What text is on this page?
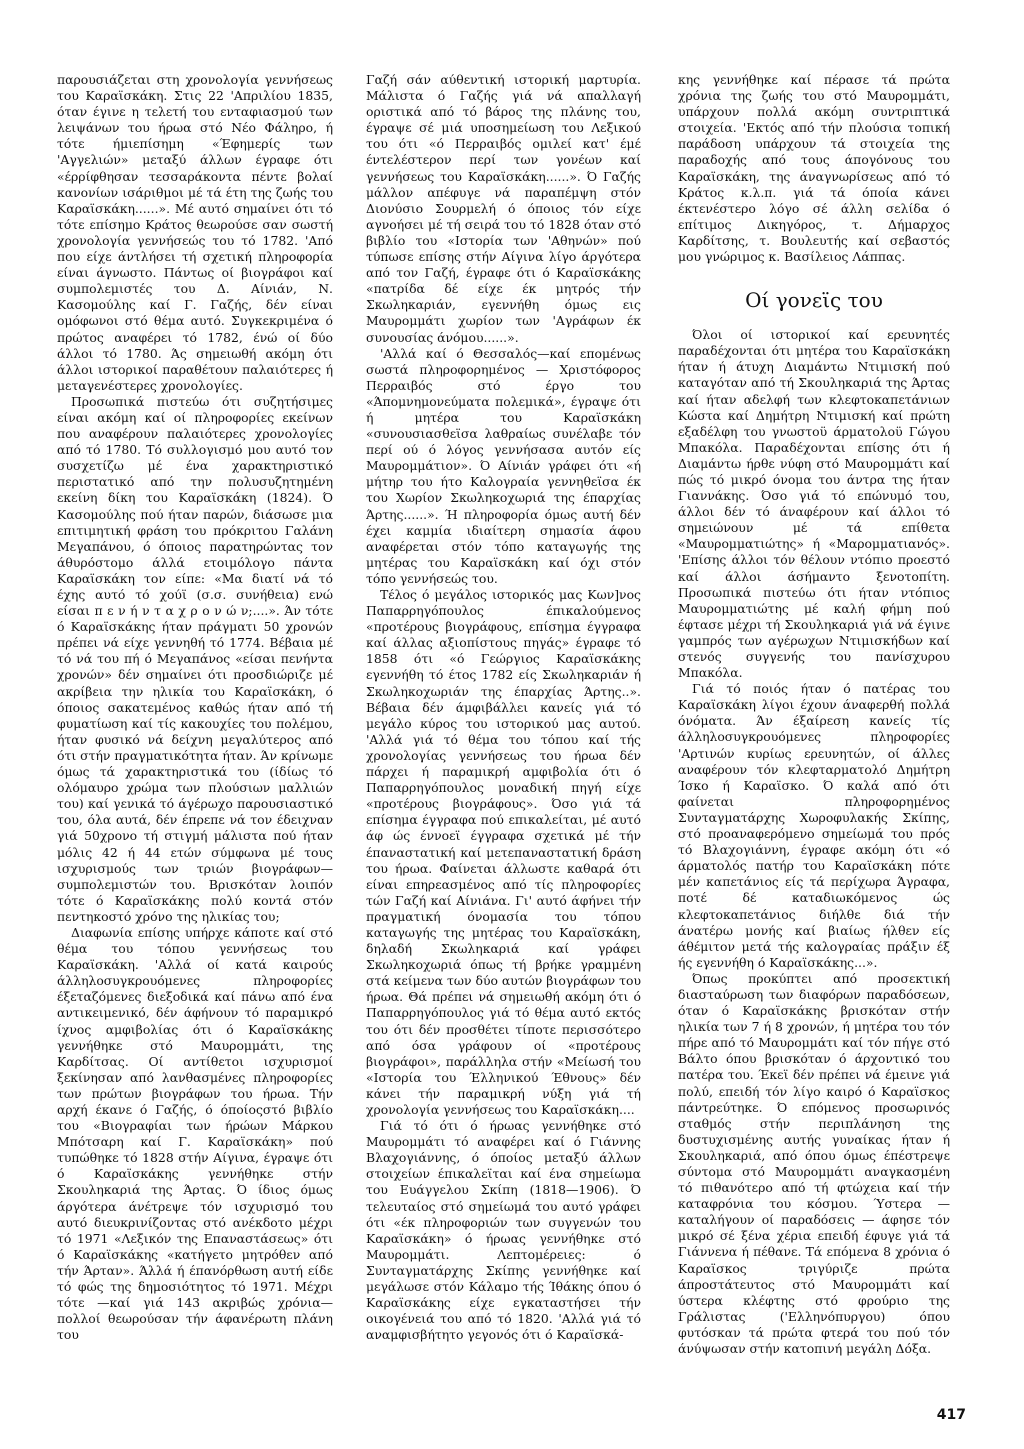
παρουσιάζεται στη χρονολογία γεννήσεως του Καραϊσκάκη. Στις 22 'Απριλίου 1835, όταν έγινε η τελετή του ενταφιασμού των λειψάνων του ήρωα στό Νέο Φάληρο, ή τότε ήμιεπίσημη «Έφημερίς των 'Αγγελιών» μεταξύ άλλων έγραφε ότι «έρρίφθησαν τεσσαράκοντα πέντε βολαί κανονίων ισάριθμοι μέ τά έτη της ζωής του Καραϊσκάκη......». Μέ αυτό σημαίνει ότι τό τότε επίσημο Κράτος θεωρούσε σαν σωστή χρονολογία γεννήσεώς του τό 1782. 'Από που είχε άντλήσει τή σχετική πληροφορία είναι άγνωστο. Πάντως οί βιογράφοι καί συμπολεμιστές του Δ. Αίνιάν, Ν. Κασομούλης καί Γ. Γαζής, δέν είναι ομόφωνοι στό θέμα αυτό. Συγκεκριμένα ό πρώτος αναφέρει τό 1782, ένώ οί δύο άλλοι τό 1780. Άς σημειωθή ακόμη ότι άλλοι ιστορικοί παραθέτουν παλαιότερες ή μεταγενέστερες χρονολογίες.

Προσωπικά πιστεύω ότι συζητήσιμες είναι ακόμη καί οί πληροφορίες εκείνων που αναφέρουν παλαιότερες χρονολογίες από τό 1780. Τό συλλογισμό μου αυτό τον συσχετίζω μέ ένα χαρακτηριστικό περιστατικό από την πολυσυζητημένη εκείνη δίκη του Καραϊσκάκη (1824). Ό Κασομούλης πού ήταν παρών, διάσωσε μια επιτιμητική φράση του πρόκριτου Γαλάνη Μεγαπάνου, ό όποιος παρατηρώντας τον άθυρόστομο άλλά ετοιμόλογο πάντα Καραϊσκάκη τον είπε: «Μα διατί νά τό έχης αυτό τό χούϊ (σ.σ. συνήθεια) ενώ είσαι π ε ν ή ν τ α χ ρ ο ν ώ ν;....». Άν τότε ό Καραϊσκάκης ήταν πράγματι 50 χρονών πρέπει νά είχε γεννηθή τό 1774. Βέβαια μέ τό νά του πή ό Μεγαπάνος «είσαι πενήντα χρονών» δέν σημαίνει ότι προσδιώριζε μέ ακρίβεια την ηλικία του Καραϊσκάκη, ό όποιος σακατεμένος καθώς ήταν από τή φυματίωση καί τίς κακουχίες του πολέμου, ήταν φυσικό νά δείχνη μεγαλύτερος από ότι στήν πραγματικότητα ήταν. Άν κρίνωμε όμως τά χαρακτηριστικά του (ίδίως τό ολόμαυρο χρώμα των πλούσιων μαλλιών του) καί γενικά τό άγέρωχο παρουσιαστικό του, όλα αυτά, δέν έπρεπε νά τον έδειχναν γιά 50χρονο τή στιγμή μάλιστα πού ήταν μόλις 42 ή 44 ετών σύμφωνα μέ τους ισχυρισμούς των τριών βιογράφων—συμπολεμιστών του. Βρισκόταν λοιπόν τότε ό Καραϊσκάκης πολύ κοντά στόν πεντηκοστό χρόνο της ηλικίας του;

Διαφωνία επίσης υπήρχε κάποτε καί στό θέμα του τόπου γεννήσεως του Καραϊσκάκη. 'Αλλά οί κατά καιρούς άλληλοσυγκρουόμενες πληροφορίες έξεταζόμενες διεξοδικά καί πάνω από ένα αντικειμενικό, δέν άφήνουν τό παραμικρό ίχνος αμφιβολίας ότι ό Καραϊσκάκης γεννήθηκε στό Μαυρομμάτι, της Καρδίτσας. Οί αντίθετοι ισχυρισμοί ξεκίνησαν από λανθασμένες πληροφορίες των πρώτων βιογράφων του ήρωα. Τήν αρχή έκανε ό Γαζής, ό όποίοςστό βιβλίο του «Βιογραφίαι των ήρώων Μάρκου Μπότσαρη καί Γ. Καραϊσκάκη» πού τυπώθηκε τό 1828 στήν Αίγινα, έγραψε ότι ό Καραϊσκάκης γεννήθηκε στήν Σκουληκαριά της Άρτας. Ό ίδιος όμως άργότερα άνέτρεψε τόν ισχυρισμό του αυτό διευκρινίζοντας στό ανέκδοτο μέχρι τό 1971 «Λεξικόν της Επαναστάσεως» ότι ό Καραϊσκάκης «κατήγετο μητρόθεν από τήν Άρταν». Άλλά ή έπανόρθωση αυτή είδε τό φώς της δημοσιότητος τό 1971. Μέχρι τότε —καί γιά 143 ακριβώς χρόνια—πολλοί θεωρούσαν τήν άφανέρωτη πλάνη του

Γαζή σάν αύθεντική ιστορική μαρτυρία. Μάλιστα ό Γαζής γιά νά απαλλαγή οριστικά από τό βάρος της πλάνης του, έγραψε σέ μιά υποσημείωση του Λεξικού του ότι «ό Περραιβός ομιλεί κατ' έμέ έντελέστερον περί των γονέων καί γεννήσεως του Καραϊσκάκη......». Ό Γαζής μάλλον απέφυγε νά παραπέμψη στόν Διονύσιο Σουρμελή ό όποιος τόν είχε αγνοήσει μέ τή σειρά του τό 1828 όταν στό βιβλίο του «Ιστορία των 'Αθηνών» πού τύπωσε επίσης στήν Αίγινα λίγο άργότερα από τον Γαζή, έγραφε ότι ό Καραϊσκάκης «πατρίδα δέ είχε έκ μητρός τήν Σκωληκαριάν, εγεννήθη όμως εις Μαυρομμάτι χωρίον των 'Αγράφων έκ συνουσίας άνόμου......».

'Αλλά καί ό Θεσσαλός—καί επομένως σωστά πληροφορημένος — Χριστόφορος Περραιβός στό έργο του «Άπομνημονεύματα πολεμικά», έγραψε ότι ή μητέρα του Καραϊσκάκη «συνουσιασθεϊσα λαθραίως συνέλαβε τόν περί ού ό λόγος γεννήσασα αυτόν είς Μαυρομμάτιον». Ό Αίνιάν γράφει ότι «ή μήτηρ του ήτο Καλογραία γεννηθεϊσα έκ του Χωρίον Σκωληκοχωριά της έπαρχίας Άρτης......». Ή πληροφορία όμως αυτή δέν έχει καμμία ιδιαίτερη σημασία άφου αναφέρεται στόν τόπο καταγωγής της μητέρας του Καραϊσκάκη καί όχι στόν τόπο γεννήσεώς του.

Τέλος ό μεγάλος ιστορικός μας Κων]νος Παπαρρηγόπουλος έπικαλούμενος «προτέρους βιογράφους, επίσημα έγγραφα καί άλλας αξιοπίστους πηγάς» έγραφε τό 1858 ότι «ό Γεώργιος Καραϊσκάκης εγεννήθη τό έτος 1782 είς Σκωληκαριάν ή Σκωληκοχωριάν της έπαρχίας Άρτης..». Βέβαια δέν άμφιβάλλει κανείς γιά τό μεγάλο κύρος του ιστορικού μας αυτού. 'Αλλά γιά τό θέμα του τόπου καί τής χρονολογίας γεννήσεως του ήρωα δέν πάρχει ή παραμικρή αμφιβολία ότι ό Παπαρρηγόπουλος μοναδική πηγή είχε «προτέρους βιογράφους». Όσο γιά τά επίσημα έγγραφα πού επικαλείται, μέ αυτό άφ ώς έννοεϊ έγγραφα σχετικά μέ τήν έπαναστατική καί μετεπαναστατική δράση του ήρωα. Φαίνεται άλλωστε καθαρά ότι είναι επηρεασμένος από τίς πληροφορίες τών Γαζή καί Αίνιάνα. Γι' αυτό άφήνει τήν πραγματική όνομασία του τόπου καταγωγής της μητέρας του Καραϊσκάκη, δηλαδή Σκωληκαριά καί γράφει Σκωληκοχωριά όπως τή βρήκε γραμμένη στά κείμενα των δύο αυτών βιογράφων του ήρωα. Θά πρέπει νά σημειωθή ακόμη ότι ό Παπαρρηγόπουλος γιά τό θέμα αυτό εκτός του ότι δέν προσθέτει τίποτε περισσότερο από όσα γράφουν οί «προτέρους βιογράφοι», παράλληλα στήν «Μείωσή του «Ιστορία του Έλληνικού Έθνους» δέν κάνει τήν παραμικρή νύξη γιά τή χρονολογία γεννήσεως του Καραϊσκάκη....

Γιά τό ότι ό ήρωας γεννήθηκε στό Μαυρομμάτι τό αναφέρει καί ό Γιάννης Βλαχογιάννης, ό όποίος μεταξύ άλλων στοιχείων έπικαλεϊται καί ένα σημείωμα του Ευάγγελου Σκίπη (1818—1906). Ό τελευταίος στό σημείωμά του αυτό γράφει ότι «έκ πληροφοριών των συγγενών του Καραϊσκάκη» ό ήρωας γεννήθηκε στό Μαυρομμάτι. Λεπτομέρειες: ό Συνταγματάρχης Σκίπης γεννήθηκε καί μεγάλωσε στόν Κάλαμο τής Ίθάκης όπου ό Καραϊσκάκης είχε εγκαταστήσει τήν οικογένειά του από τό 1820. 'Αλλά γιά τό αναμφισβήτητο γεγονός ότι ό Καραϊσκά-

κης γεννήθηκε καί πέρασε τά πρώτα χρόνια της ζωής του στό Μαυρομμάτι, υπάρχουν πολλά ακόμη συντριπτικά στοιχεία. 'Εκτός από τήν πλούσια τοπική παράδοση υπάρχουν τά στοιχεία της παραδοχής από τους άπογόνους του Καραϊσκάκη, της άναγνωρίσεως από τό Κράτος κ.λ.π. γιά τά όποία κάνει έκτενέστερο λόγο σέ άλλη σελίδα ό επίτιμος Δικηγόρος, τ. Δήμαρχος Καρδίτσης, τ. Βουλευτής καί σεβαστός μου γνώριμος κ. Βασίλειος Λάππας.

Οί γονεϊς του

Όλοι οί ιστορικοί καί ερευνητές παραδέχονται ότι μητέρα του Καραϊσκάκη ήταν ή άτυχη Διαμάντω Ντιμισκή πού καταγόταν από τή Σκουληκαριά της Άρτας καί ήταν αδελφή των κλεφτοκαπετάνιων Κώστα καί Δημήτρη Ντιμισκή καί πρώτη εξαδέλφη του γνωστοϋ άρματολοϋ Γώγου Μπακόλα. Παραδέχονται επίσης ότι ή Διαμάντω ήρθε νύφη στό Μαυρομμάτι καί πώς τό μικρό όνομα του άντρα της ήταν Γιαννάκης. Όσο γιά τό επώνυμό του, άλλοι δέν τό άναφέρουν καί άλλοι τό σημειώνουν μέ τά επίθετα «Μαυρομματιώτης» ή «Μαρομματιανός». 'Επίσης άλλοι τόν θέλουν ντόπιο προεστό καί άλλοι άσήμαντο ξενοτοπίτη. Προσωπικά πιστεύω ότι ήταν ντόπιος Μαυρομματιώτης μέ καλή φήμη πού έφτασε μέχρι τή Σκουληκαριά γιά νά έγινε γαμπρός των αγέρωχων Ντιμισκήδων καί στενός συγγενής του πανίσχυρου Μπακόλα.

Γιά τό ποιός ήταν ό πατέρας του Καραϊσκάκη λίγοι έχουν άναφερθή πολλά όνόματα. Άν έξαίρεση κανείς τίς άλληλοσυγκρουόμενες πληροφορίες 'Αρτινών κυρίως ερευνητών, οί άλλες αναφέρουν τόν κλεφταρματολό Δημήτρη Ίσκο ή Καραϊσκο. Ό καλά από ότι φαίνεται πληροφορημένος Συνταγματάρχης Χωροφυλακής Σκίπης, στό προαναφερόμενο σημείωμά του πρός τό Βλαχογιάννη, έγραφε ακόμη ότι «ό άρματολός πατήρ του Καραϊσκάκη πότε μέν καπετάνιος είς τά περίχωρα Άγραφα, ποτέ δέ καταδιωκόμενος ώς κλεφτοκαπετάνιος διήλθε διά τήν άνατέρω μονής καί βιαίως ήλθεν είς άθέμιτον μετά τής καλογραίας πράξιν έξ ής εγεννήθη ό Καραϊσκάκης...».

Όπως προκύπτει από προσεκτική διασταύρωση των διαφόρων παραδόσεων, όταν ό Καραϊσκάκης βρισκόταν στήν ηλικία των 7 ή 8 χρονών, ή μητέρα του τόν πήρε από τό Μαυρομμάτι καί τόν πήγε στό Βάλτο όπου βρισκόταν ό άρχοντικό του πατέρα του. Έκεϊ δέν πρέπει νά έμεινε γιά πολύ, επειδή τόν λίγο καιρό ό Καραϊσκος πάντρεύτηκε. Ό επόμενος προσωρινός σταθμός στήν περιπλάνηση της δυστυχισμένης αυτής γυναίκας ήταν ή Σκουληκαριά, από όπου όμως έπέστρεψε σύντομα στό Μαυρομμάτι αναγκασμένη τό πιθανότερο από τή φτώχεια καί τήν καταφρόνια του κόσμου. Ύστερα — καταλήγουν οί παραδόσεις — άφησε τόν μικρό σέ ξένα χέρια επειδή έφυγε γιά τά Γιάννενα ή πέθανε. Τά επόμενα 8 χρόνια ό Καραϊσκος τριγύριζε πρώτα άπροστάτευτος στό Μαυρομμάτι καί ύστερα κλέφτης στό φρούριο της Γράλιστας ('Ελληνόπυργου) όπου φυτόσκαν τά πρώτα φτερά του πού τόν άνύψωσαν στήν κατοπινή μεγάλη Δόξα.

417
